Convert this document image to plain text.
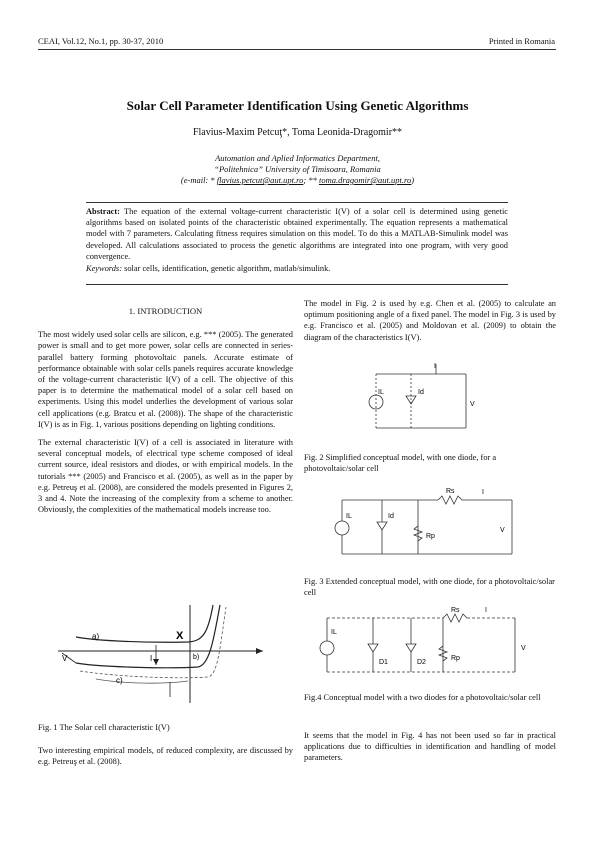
CEAI, Vol.12, No.1, pp. 30-37, 2010	Printed in Romania
Solar Cell Parameter Identification Using Genetic Algorithms
Flavius-Maxim Petcuţ*, Toma Leonida-Dragomir**
Automation and Aplied Informatics Department,
“Politehnica” University of Timisoara, Romania
(e-mail: * flavius.petcut@aut.upt.ro; ** toma.dragomir@aut.upt.ro)
Abstract: The equation of the external voltage-current characteristic I(V) of a solar cell is determined using genetic algorithms based on isolated points of the characteristic obtained experimentally. The equation represents a mathematical model with 7 parameters. Calculating fitness requires simulation on this model. To do this a MATLAB-Simulink model was developed. All calculations associated to process the genetic algorithms are integrated into one program, with very good convergence.
Keywords: solar cells, identification, genetic algorithm, matlab/simulink.

1. INTRODUCTION

The most widely used solar cells are silicon, e.g. *** (2005). The generated power is small and to get more power, solar cells are connected in series-parallel battery forming photovoltaic panels. Accurate estimate of performance obtainable with solar cells panels requires accurate knowledge of the voltage-current characteristic I(V) of a cell. The objective of this paper is to determine the mathematical model of a solar cell based on experiments. Using this model underlies the development of various solar cell applications (e.g. Bratcu et al. (2008)). The shape of the characteristic I(V) is as in Fig. 1, various positions depending on lighting conditions.

The external characteristic I(V) of a cell is associated in literature with several conceptual models, of electrical type scheme composed of ideal current source, ideal resistors and diodes, or with empirical models. In the tutorials *** (2005) and Francisco et al. (2005), as well as in the paper by e.g. Petreuş et al. (2008), are considered the models presented in Figures 2, 3 and 4. Note the increasing of the complexity from a scheme to another. Obviously, the complexities of the mathematical models increase too.

a)
c)
X
b)
I
V
Fig. 1 The Solar cell characteristic I(V)
Two interesting empirical models, of reduced complexity, are discussed by e.g. Petreuş et al. (2008).
The model in Fig. 2 is used by e.g. Chen et al. (2005) to calculate an optimum positioning angle of a fixed panel. The model in Fig. 3 is used by e.g. Francisco et al. (2005) and Moldovan et al. (2009) to obtain the diagram of the characteristics I(V).
I
IL	Id
V
Fig. 2 Simplified conceptual model, with one diode, for a photovoltaic/solar cell
Rs	I
IL	Id
Rp
V
Fig. 3 Extended conceptual model, with one diode, for a photovoltaic/solar cell
Rs	I
IL
D1	D2
Rp
V
Fig.4 Conceptual model with a two diodes for a photovoltaic/solar cell
It seems that the model in Fig. 4 has not been used so far in practical applications due to difficulties in identification and handling of model parameters.
